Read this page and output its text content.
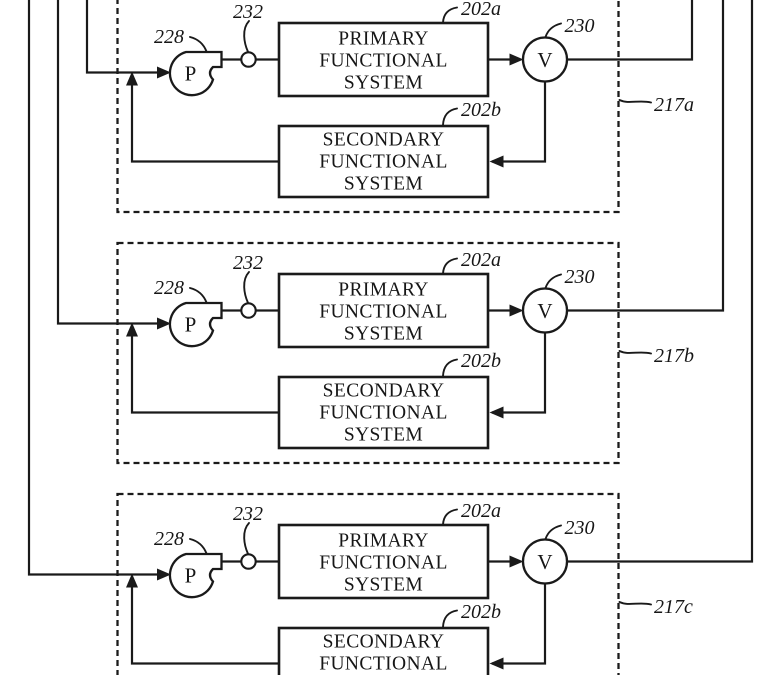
P
PRIMARY
FUNCTIONAL
SYSTEM
SECONDARY
FUNCTIONAL
SYSTEM
V
228
232	202a
230
202b	217a
P
PRIMARY
FUNCTIONAL
SYSTEM
SECONDARY
FUNCTIONAL
SYSTEM
V
228
232	202a
230
202b	217b
P
PRIMARY
FUNCTIONAL
SYSTEM
SECONDARY
FUNCTIONAL
V
228
232	202a
230
202b	217c
